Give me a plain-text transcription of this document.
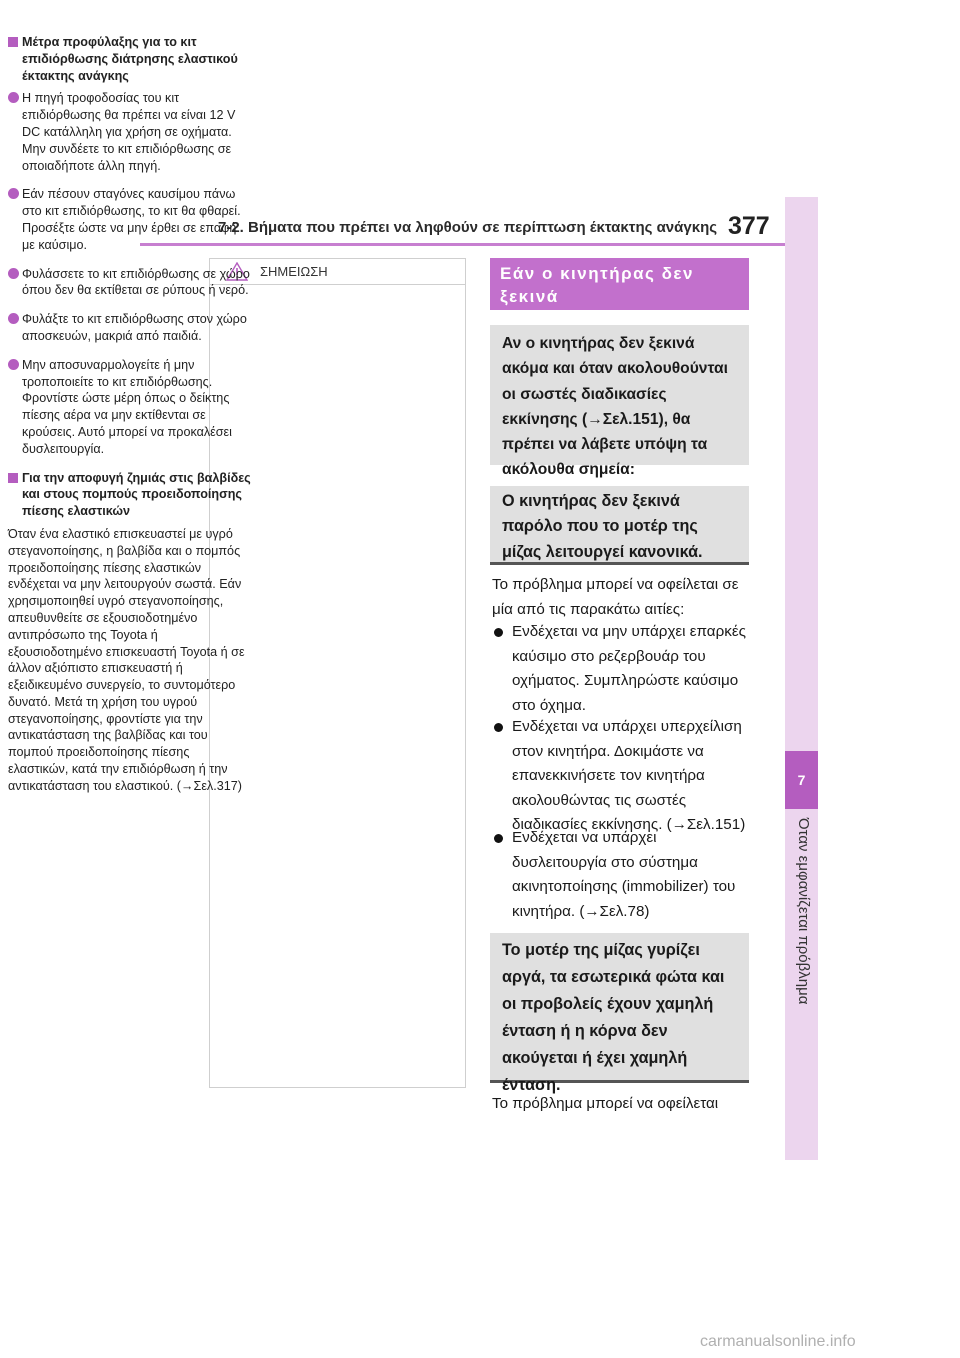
7-2. Βήματα που πρέπει να ληφθούν σε περίπτωση έκτακτης ανάγκης 377
7
Όταν εμφανίζεται πρόβλημα
ΣΗΜΕΙΩΣΗ
Μέτρα προφύλαξης για το κιτ επιδιόρθωσης διάτρησης ελαστικού έκτακτης ανάγκης
Η πηγή τροφοδοσίας του κιτ επιδιόρθωσης θα πρέπει να είναι 12 V DC κατάλληλη για χρήση σε οχήματα. Μην συνδέετε το κιτ επιδιόρθωσης σε οποιαδήποτε άλλη πηγή.
Εάν πέσουν σταγόνες καυσίμου πάνω στο κιτ επιδιόρθωσης, το κιτ θα φθαρεί. Προσέξτε ώστε να μην έρθει σε επαφή με καύσιμο.
Φυλάσσετε το κιτ επιδιόρθωσης σε χώρο όπου δεν θα εκτίθεται σε ρύπους ή νερό.
Φυλάξτε το κιτ επιδιόρθωσης στον χώρο αποσκευών, μακριά από παιδιά.
Μην αποσυναρμολογείτε ή μην τροποποιείτε το κιτ επιδιόρθωσης. Φροντίστε ώστε μέρη όπως ο δείκτης πίεσης αέρα να μην εκτίθενται σε κρούσεις. Αυτό μπορεί να προκαλέσει δυσλειτουργία.
Για την αποφυγή ζημιάς στις βαλβίδες και στους πομπούς προειδοποίησης πίεσης ελαστικών

Όταν ένα ελαστικό επισκευαστεί με υγρό στεγανοποίησης, η βαλβίδα και ο πομπός προειδοποίησης πίεσης ελαστικών ενδέχεται να μην λειτουργούν σωστά. Εάν χρησιμοποιηθεί υγρό στεγανοποίησης, απευθυνθείτε σε εξουσιοδοτημένο αντιπρόσωπο της Toyota ή εξουσιοδοτημένο επισκευαστή Toyota ή σε άλλον αξιόπιστο επισκευαστή ή εξειδικευμένο συνεργείο, το συντομότερο δυνατό. Μετά τη χρήση του υγρού στεγανοποίησης, φροντίστε για την αντικατάσταση της βαλβίδας και του πομπού προειδοποίησης πίεσης ελαστικών, κατά την επιδιόρθωση ή την αντικατάσταση του ελαστικού. (→Σελ.317)

Εάν ο κινητήρας δεν ξεκινά
Αν ο κινητήρας δεν ξεκινά ακόμα και όταν ακολουθούνται οι σωστές διαδικασίες εκκίνησης (→Σελ.151), θα πρέπει να λάβετε υπόψη τα ακόλουθα σημεία:
Ο κινητήρας δεν ξεκινά παρόλο που το μοτέρ της μίζας λειτουργεί κανονικά.

Το πρόβλημα μπορεί να οφείλεται σε μία από τις παρακάτω αιτίες:

Ενδέχεται να μην υπάρχει επαρκές καύσιμο στο ρεζερβουάρ του οχήματος. Συμπληρώστε καύσιμο στο όχημα.
Ενδέχεται να υπάρχει υπερχείλιση στον κινητήρα. Δοκιμάστε να επανεκκινήσετε τον κινητήρα ακολουθώντας τις σωστές διαδικασίες εκκίνησης. (→Σελ.151)
Ενδέχεται να υπάρχει δυσλειτουργία στο σύστημα ακινητοποίησης (immobilizer) του κινητήρα. (→Σελ.78)
Το μοτέρ της μίζας γυρίζει αργά, τα εσωτερικά φώτα και οι προβολείς έχουν χαμηλή ένταση ή η κόρνα δεν ακούγεται ή έχει χαμηλή ένταση.

Το πρόβλημα μπορεί να οφείλεται

carmanualsonline.info
